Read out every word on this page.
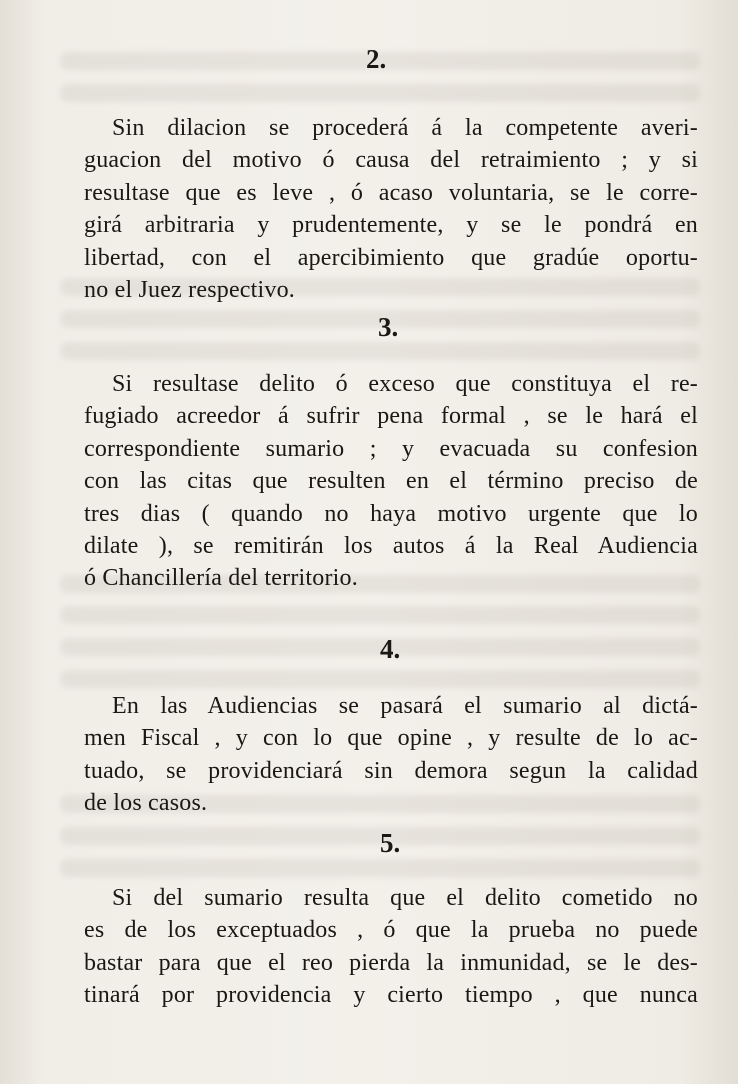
2.
Sin dilacion se procederá á la competente averi-
guacion del motivo ó causa del retraimiento ; y si
resultase que es leve , ó acaso voluntaria, se le corre-
girá arbitraria y prudentemente, y se le pondrá en
libertad, con el apercibimiento que gradúe oportu-
no el Juez respectivo.
3.
Si resultase delito ó exceso que constituya el re-
fugiado acreedor á sufrir pena formal , se le hará el
correspondiente sumario ; y evacuada su confesion
con las citas que resulten en el término preciso de
tres dias ( quando no haya motivo urgente que lo
dilate ), se remitirán los autos á la Real Audiencia
ó Chancillería del territorio.
4.
En las Audiencias se pasará el sumario al dictá-
men Fiscal , y con lo que opine , y resulte de lo ac-
tuado, se providenciará sin demora segun la calidad
de los casos.
5.
Si del sumario resulta que el delito cometido no
es de los exceptuados , ó que la prueba no puede
bastar para que el reo pierda la inmunidad, se le des-
tinará por providencia y cierto tiempo , que nunca
